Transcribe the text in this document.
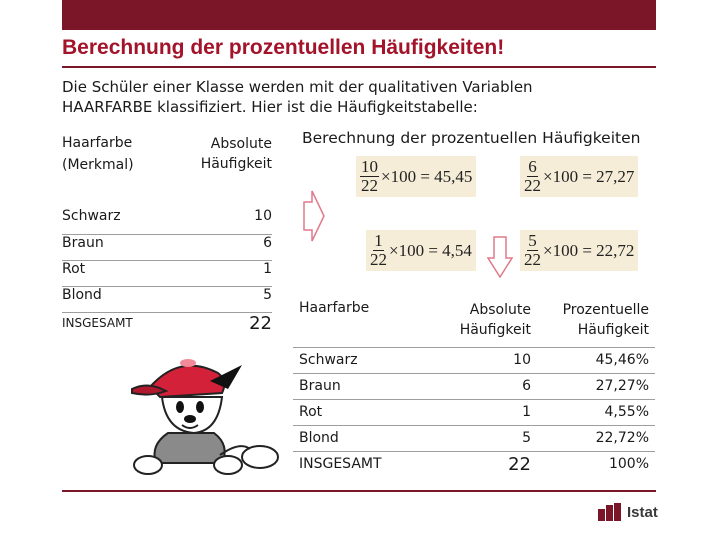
Berechnung der prozentuellen Häufigkeiten!
Die Schüler einer Klasse werden mit der qualitativen Variablen
HAARFARBE klassifiziert. Hier ist die Häufigkeitstabelle:
Haarfarbe (Merkmal)	Absolute Häufigkeit
Schwarz	10
Braun	6
Rot	1
Blond	5
INSGESAMT	22
Berechnung der prozentuellen Häufigkeiten
$\frac{10}{22} \times 100 = 45,45$	$\frac{6}{22} \times 100 = 27,27$
$\frac{1}{22} \times 100 = 4,54$	$\frac{5}{22} \times 100 = 22,72$
Haarfarbe	Absolute Häufigkeit	Prozentuelle Häufigkeit
Schwarz	10	45,46%
Braun	6	27,27%
Rot	1	4,55%
Blond	5	22,72%
INSGESAMT	22	100%
Istat
